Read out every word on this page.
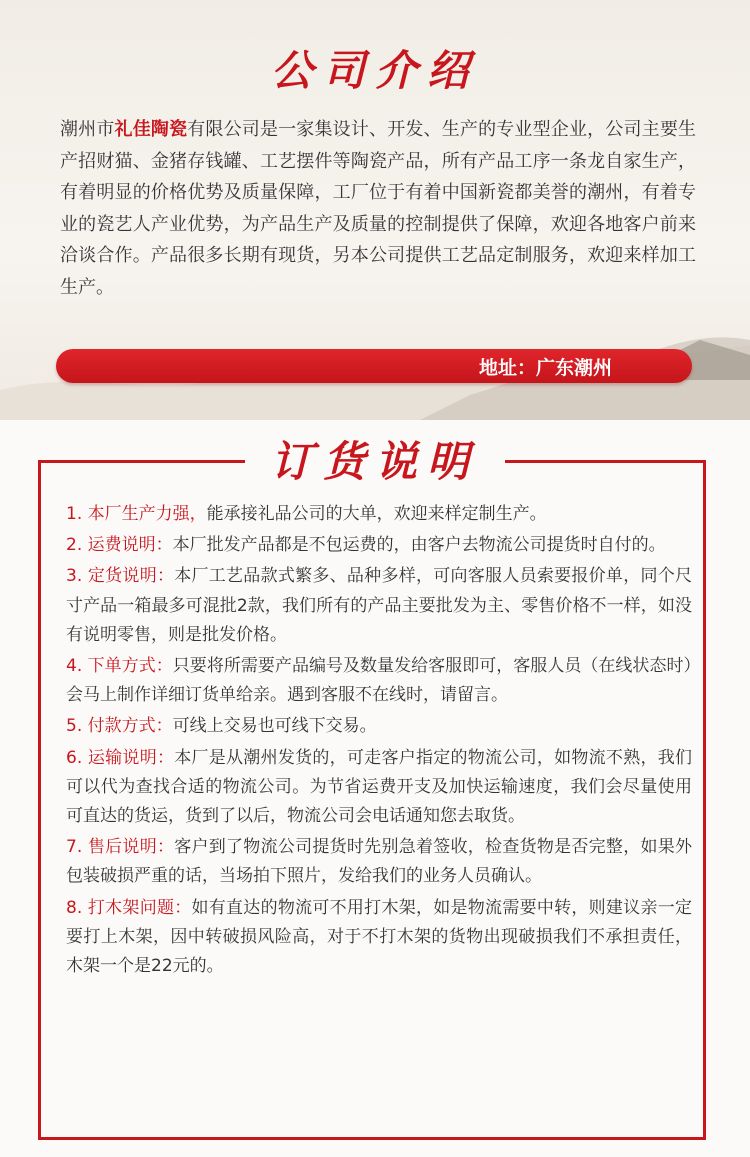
公司介绍
潮州市礼佳陶瓷有限公司是一家集设计、开发、生产的专业型企业，公司主要生产招财猫、金猪存钱罐、工艺摆件等陶瓷产品，所有产品工序一条龙自家生产，有着明显的价格优势及质量保障，工厂位于有着中国新瓷都美誉的潮州，有着专业的瓷艺人产业优势，为产品生产及质量的控制提供了保障，欢迎各地客户前来洽谈合作。产品很多长期有现货，另本公司提供工艺品定制服务，欢迎来样加工生产。
地址：广东潮州
订货说明
1. 本厂生产力强，能承接礼品公司的大单，欢迎来样定制生产。
2. 运费说明：本厂批发产品都是不包运费的，由客户去物流公司提货时自付的。
3. 定货说明：本厂工艺品款式繁多、品种多样，可向客服人员索要报价单，同个尺寸产品一箱最多可混批2款，我们所有的产品主要批发为主、零售价格不一样，如没有说明零售，则是批发价格。
4. 下单方式：只要将所需要产品编号及数量发给客服即可，客服人员（在线状态时）会马上制作详细订货单给亲。遇到客服不在线时，请留言。
5. 付款方式：可线上交易也可线下交易。
6. 运输说明：本厂是从潮州发货的，可走客户指定的物流公司，如物流不熟，我们可以代为查找合适的物流公司。为节省运费开支及加快运输速度，我们会尽量使用可直达的货运，货到了以后，物流公司会电话通知您去取货。
7. 售后说明：客户到了物流公司提货时先别急着签收，检查货物是否完整，如果外包装破损严重的话，当场拍下照片，发给我们的业务人员确认。
8. 打木架问题：如有直达的物流可不用打木架，如是物流需要中转，则建议亲一定要打上木架，因中转破损风险高，对于不打木架的货物出现破损我们不承担责任，木架一个是22元的。
